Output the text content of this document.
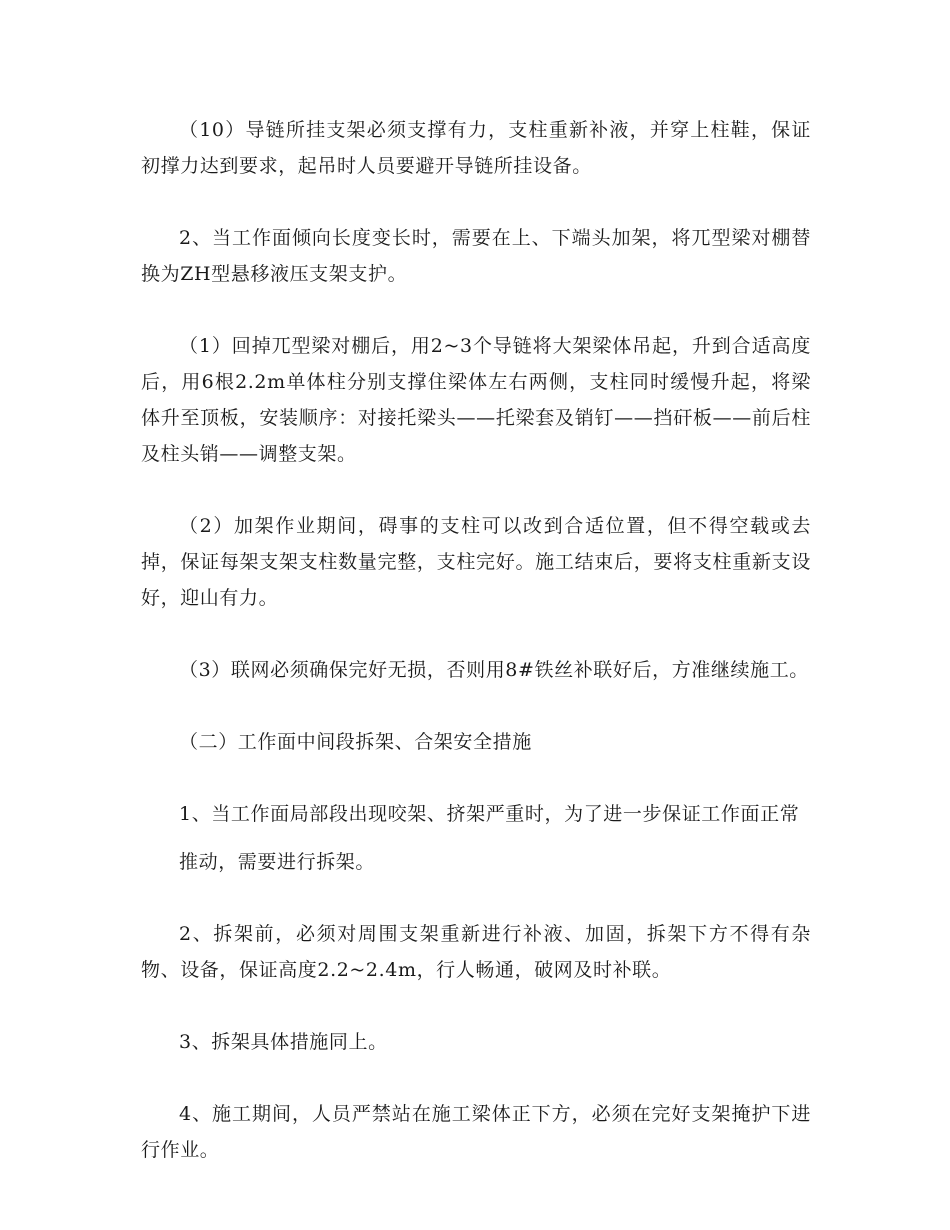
（10）导链所挂支架必须支撑有力，支柱重新补液，并穿上柱鞋，保证初撑力达到要求，起吊时人员要避开导链所挂设备。

2、当工作面倾向长度变长时，需要在上、下端头加架，将兀型梁对棚替换为ZH型悬移液压支架支护。

（1）回掉兀型梁对棚后，用2~3个导链将大架梁体吊起，升到合适高度后，用6根2.2m单体柱分别支撑住梁体左右两侧，支柱同时缓慢升起，将梁体升至顶板，安装顺序：对接托梁头——托梁套及销钉——挡矸板——前后柱及柱头销——调整支架。

（2）加架作业期间，碍事的支柱可以改到合适位置，但不得空载或去掉，保证每架支架支柱数量完整，支柱完好。施工结束后，要将支柱重新支设好，迎山有力。

（3）联网必须确保完好无损，否则用8#铁丝补联好后，方准继续施工。

（二）工作面中间段拆架、合架安全措施

1、当工作面局部段出现咬架、挤架严重时，为了进一步保证工作面正常

推动，需要进行拆架。

2、拆架前，必须对周围支架重新进行补液、加固，拆架下方不得有杂物、设备，保证高度2.2~2.4m，行人畅通，破网及时补联。

3、拆架具体措施同上。

4、施工期间，人员严禁站在施工梁体正下方，必须在完好支架掩护下进行作业。
